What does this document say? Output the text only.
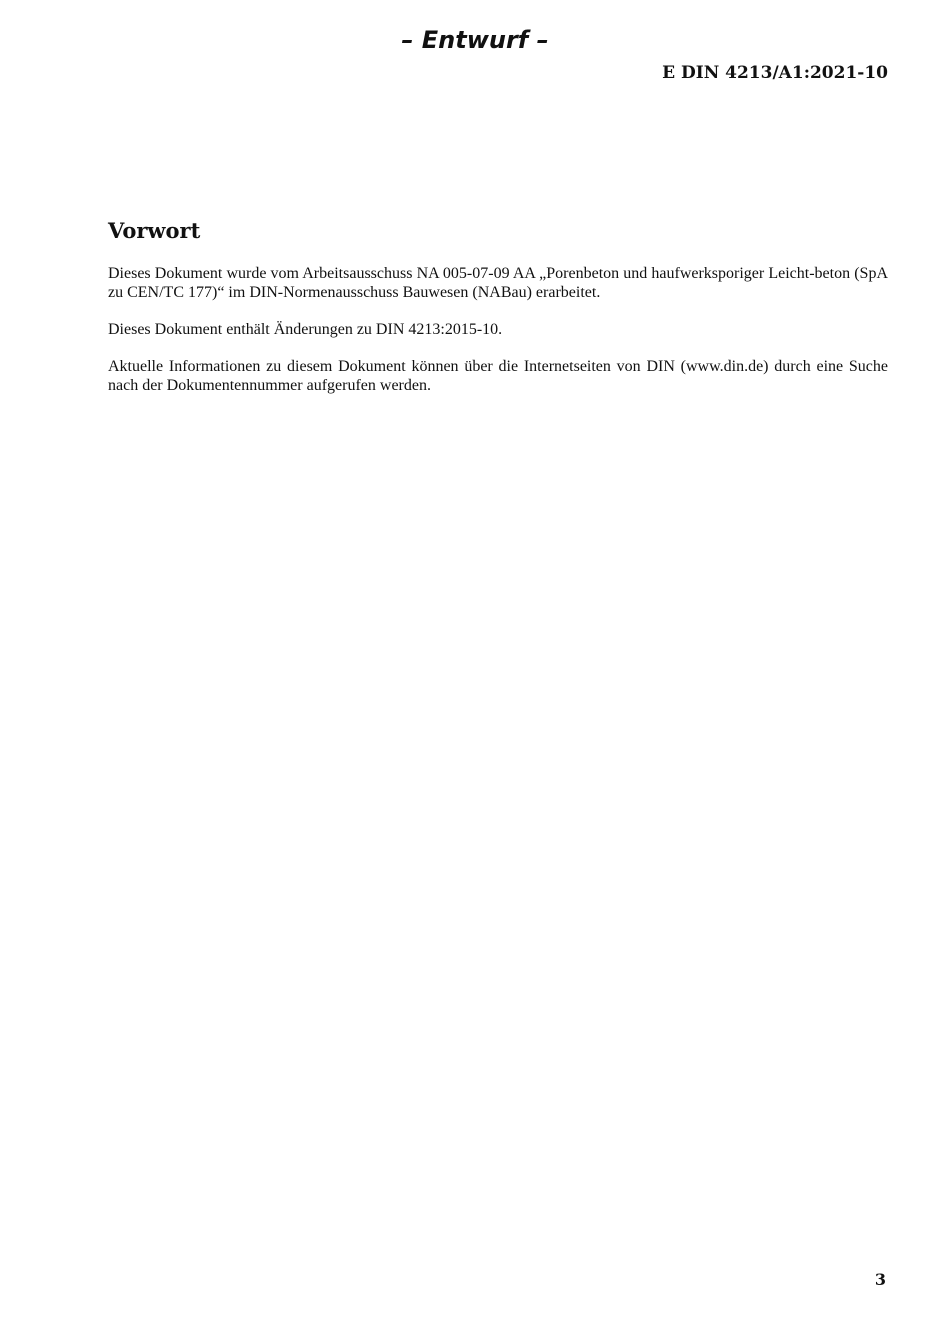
– Entwurf –
E DIN 4213/A1:2021-10
Vorwort

Dieses Dokument wurde vom Arbeitsausschuss NA 005-07-09 AA „Porenbeton und haufwerksporiger Leicht-beton (SpA zu CEN/TC 177)“ im DIN-Normenausschuss Bauwesen (NABau) erarbeitet.

Dieses Dokument enthält Änderungen zu DIN 4213:2015-10.

Aktuelle Informationen zu diesem Dokument können über die Internetseiten von DIN (www.din.de) durch eine Suche nach der Dokumentennummer aufgerufen werden.

3
